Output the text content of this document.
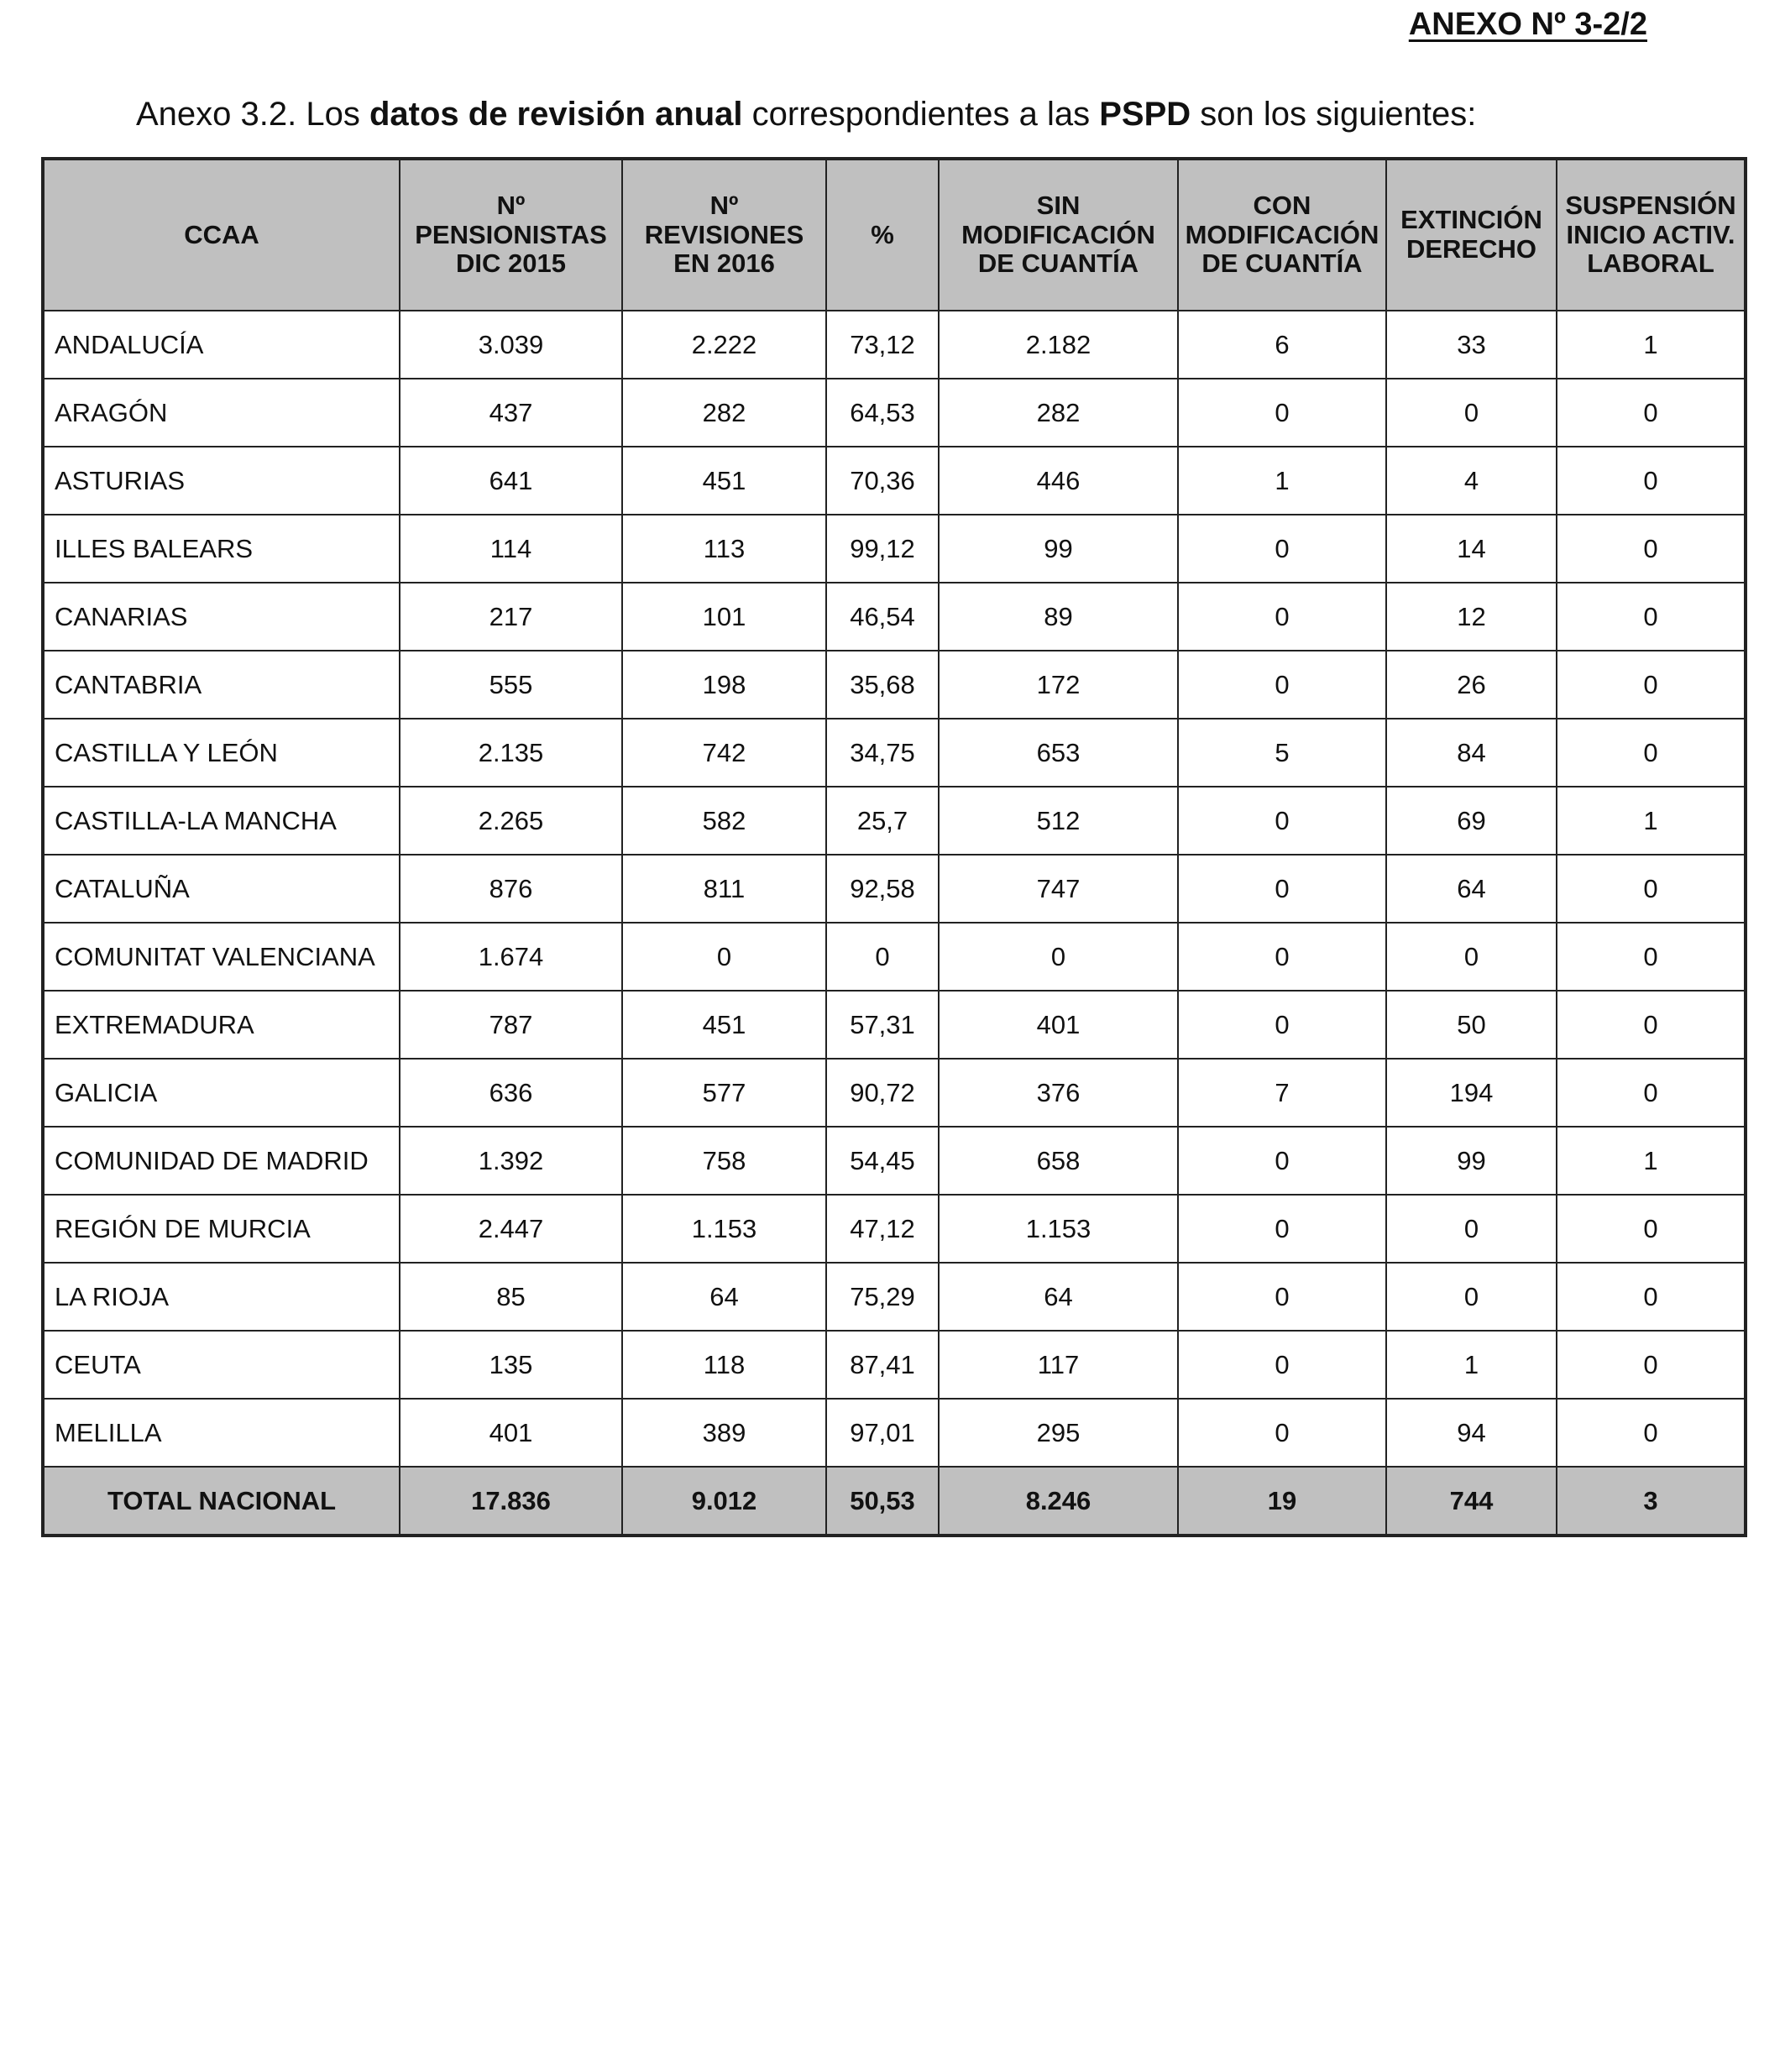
ANEXO Nº 3-2/2

Anexo 3.2. Los datos de revisión anual correspondientes a las PSPD son los siguientes:

CCAA	Nº
PENSIONISTAS
DIC 2015	Nº
REVISIONES
EN 2016	%	SIN
MODIFICACIÓN
DE CUANTÍA	CON
MODIFICACIÓN
DE CUANTÍA	EXTINCIÓN
DERECHO	SUSPENSIÓN
INICIO ACTIV.
LABORAL

ANDALUCÍA	3.039	2.222	73,12	2.182	6	33	1
ARAGÓN	437	282	64,53	282	0	0	0
ASTURIAS	641	451	70,36	446	1	4	0
ILLES BALEARS	114	113	99,12	99	0	14	0
CANARIAS	217	101	46,54	89	0	12	0
CANTABRIA	555	198	35,68	172	0	26	0
CASTILLA Y LEÓN	2.135	742	34,75	653	5	84	0
CASTILLA-LA MANCHA	2.265	582	25,7	512	0	69	1
CATALUÑA	876	811	92,58	747	0	64	0
COMUNITAT VALENCIANA	1.674	0	0	0	0	0	0
EXTREMADURA	787	451	57,31	401	0	50	0
GALICIA	636	577	90,72	376	7	194	0
COMUNIDAD DE MADRID	1.392	758	54,45	658	0	99	1
REGIÓN DE MURCIA	2.447	1.153	47,12	1.153	0	0	0
LA RIOJA	85	64	75,29	64	0	0	0
CEUTA	135	118	87,41	117	0	1	0
MELILLA	401	389	97,01	295	0	94	0
TOTAL NACIONAL	17.836	9.012	50,53	8.246	19	744	3
